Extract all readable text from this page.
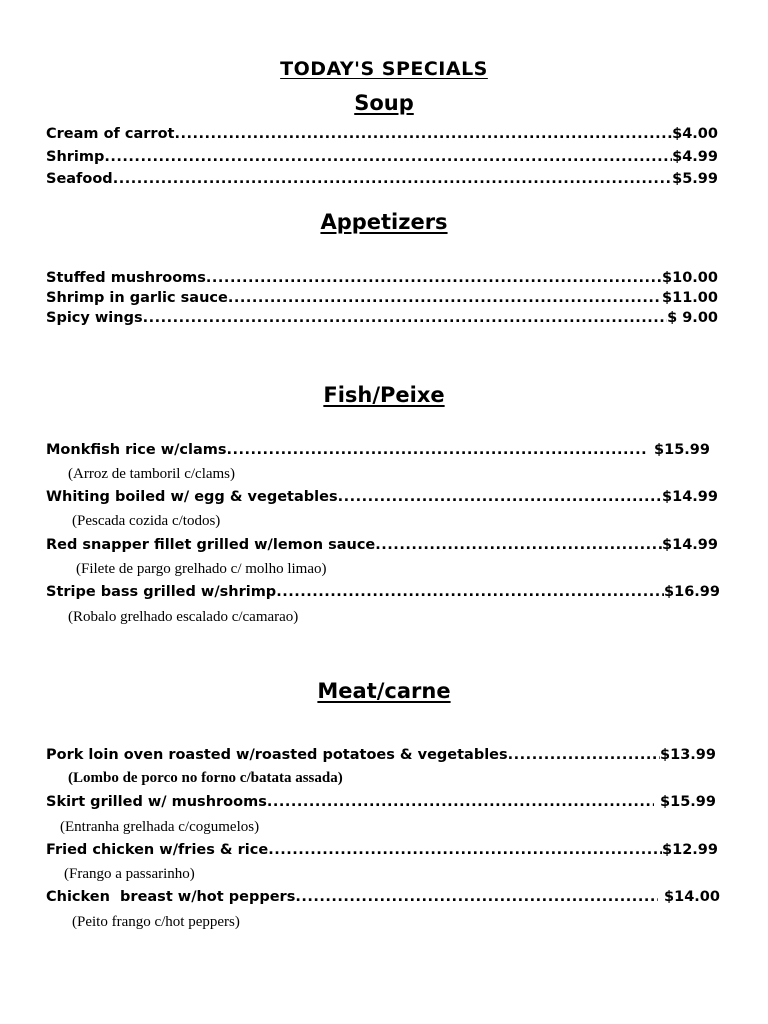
TODAY'S SPECIALS
Soup
Cream of carrot .....	$4.00
Shrimp .....	$4.99
Seafood .....	$5.99
Appetizers
Stuffed mushrooms .....	$10.00
Shrimp in garlic sauce .....	$11.00
Spicy wings .....	$ 9.00
Fish/Peixe
Monkfish rice w/clams .....	$15.99
(Arroz de tamboril c/clams)
Whiting boiled w/ egg & vegetables .....	$14.99
(Pescada cozida c/todos)
Red snapper fillet grilled w/lemon sauce .....	$14.99
(Filete de pargo grelhado c/ molho limao)
Stripe bass grilled w/shrimp .....	$16.99
(Robalo grelhado escalado c/camarao)
Meat/carne
Pork loin oven roasted w/roasted potatoes & vegetables .....	$13.99
(Lombo de porco no forno c/batata assada)
Skirt grilled w/ mushrooms .....	$15.99
(Entranha grelhada c/cogumelos)
Fried chicken w/fries & rice .....	$12.99
(Frango a passarinho)
Chicken  breast w/hot peppers .....	$14.00
(Peito frango c/hot peppers)
